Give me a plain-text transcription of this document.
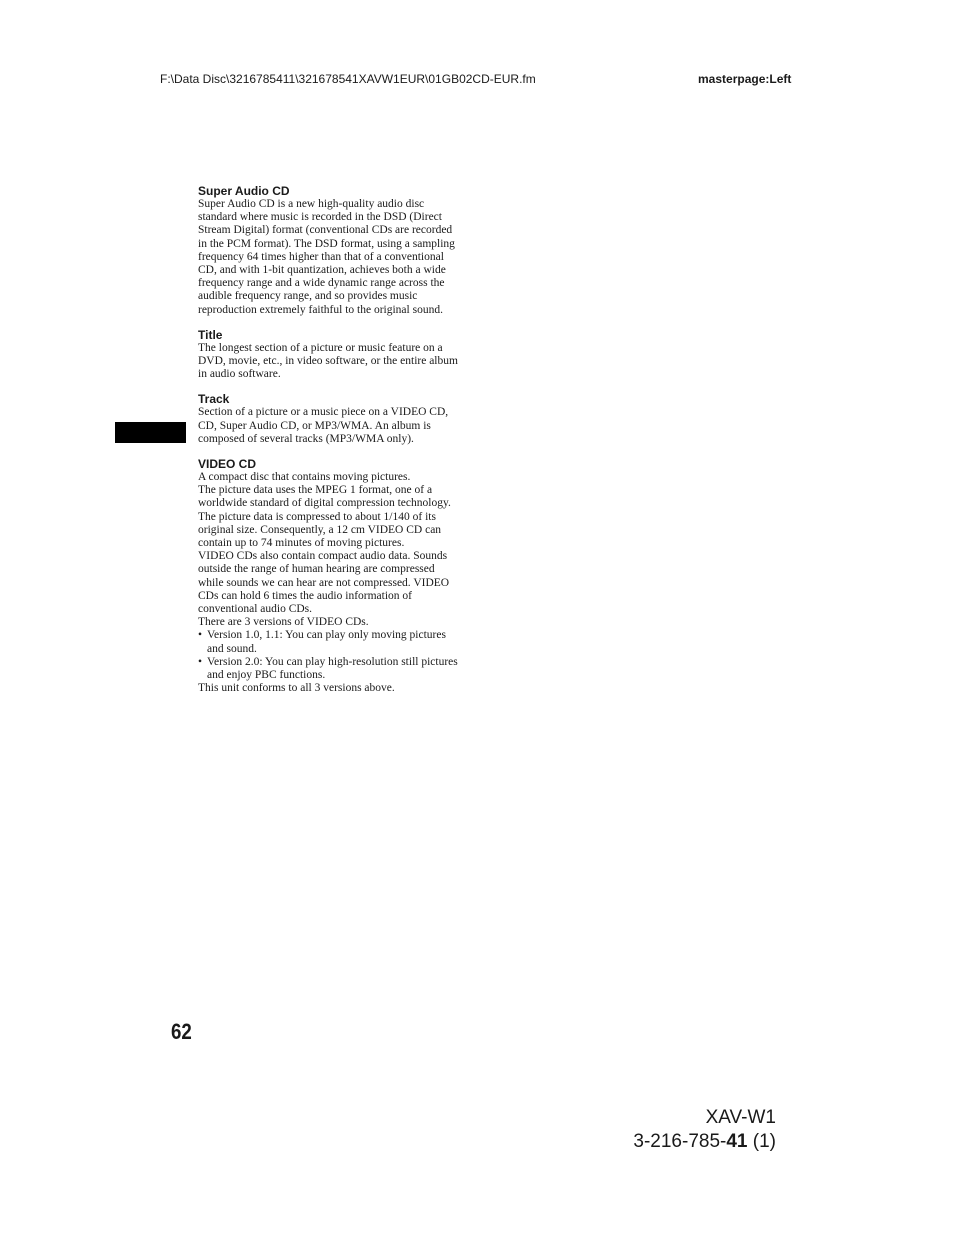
F:\Data Disc\3216785411\321678541XAVW1EUR\01GB02CD-EUR.fm	masterpage:Left
Super Audio CD

Super Audio CD is a new high-quality audio disc standard where music is recorded in the DSD (Direct Stream Digital) format (conventional CDs are recorded in the PCM format). The DSD format, using a sampling frequency 64 times higher than that of a conventional CD, and with 1-bit quantization, achieves both a wide frequency range and a wide dynamic range across the audible frequency range, and so provides music reproduction extremely faithful to the original sound.

Title

The longest section of a picture or music feature on a DVD, movie, etc., in video software, or the entire album in audio software.

Track

Section of a picture or a music piece on a VIDEO CD, CD, Super Audio CD, or MP3/WMA. An album is composed of several tracks (MP3/WMA only).

VIDEO CD

A compact disc that contains moving pictures.

The picture data uses the MPEG 1 format, one of a worldwide standard of digital compression technology. The picture data is compressed to about 1/140 of its original size. Consequently, a 12 cm VIDEO CD can contain up to 74 minutes of moving pictures.

VIDEO CDs also contain compact audio data. Sounds outside the range of human hearing are compressed while sounds we can hear are not compressed. VIDEO CDs can hold 6 times the audio information of conventional audio CDs.

There are 3 versions of VIDEO CDs.

• Version 1.0, 1.1: You can play only moving pictures and sound.
• Version 2.0: You can play high-resolution still pictures and enjoy PBC functions.

This unit conforms to all 3 versions above.

62
XAV-W1
3-216-785-41 (1)
